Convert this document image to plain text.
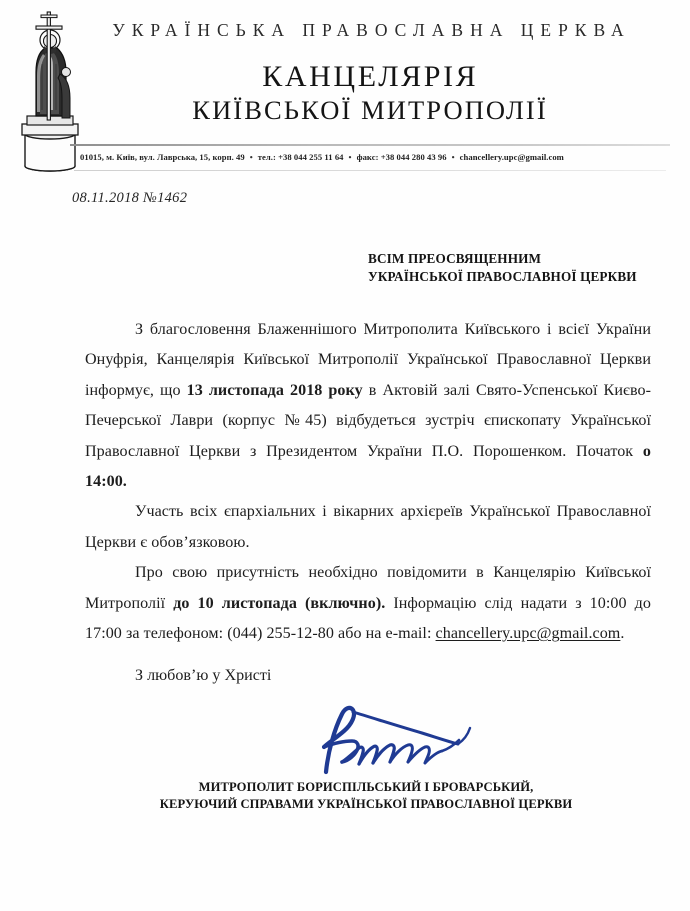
УКРАЇНСЬКА ПРАВОСЛАВНА ЦЕРКВА
КАНЦЕЛЯРІЯ
КИЇВСЬКОЇ МИТРОПОЛІЇ
01015, м. Київ, вул. Лаврська, 15, корп. 49 • тел.: +38 044 255 11 64 • факс: +38 044 280 43 96 • chancellery.upc@gmail.com
08.11.2018 №1462
ВСІМ ПРЕОСВЯЩЕННИМ
УКРАЇНСЬКОЇ ПРАВОСЛАВНОЇ ЦЕРКВИ

З благословення Блаженнішого Митрополита Київського і всієї України Онуфрія, Канцелярія Київської Митрополії Української Православної Церкви інформує, що 13 листопада 2018 року в Актовій залі Свято-Успенської Києво-Печерської Лаври (корпус №45) відбудеться зустріч єпископату Української Православної Церкви з Президентом України П.О. Порошенком. Початок о 14:00.

Участь всіх єпархіальних і вікарних архієреїв Української Православної Церкви є обов’язковою.

Про свою присутність необхідно повідомити в Канцелярію Київської Митрополії до 10 листопада (включно). Інформацію слід надати з 10:00 до 17:00 за телефоном: (044) 255-12-80 або на e-mail: chancellery.upc@gmail.com.

З любов’ю у Христі
МИТРОПОЛИТ БОРИСПІЛЬСЬКИЙ І БРОВАРСЬКИЙ,
КЕРУЮЧИЙ СПРАВАМИ УКРАЇНСЬКОЇ ПРАВОСЛАВНОЇ ЦЕРКВИ
